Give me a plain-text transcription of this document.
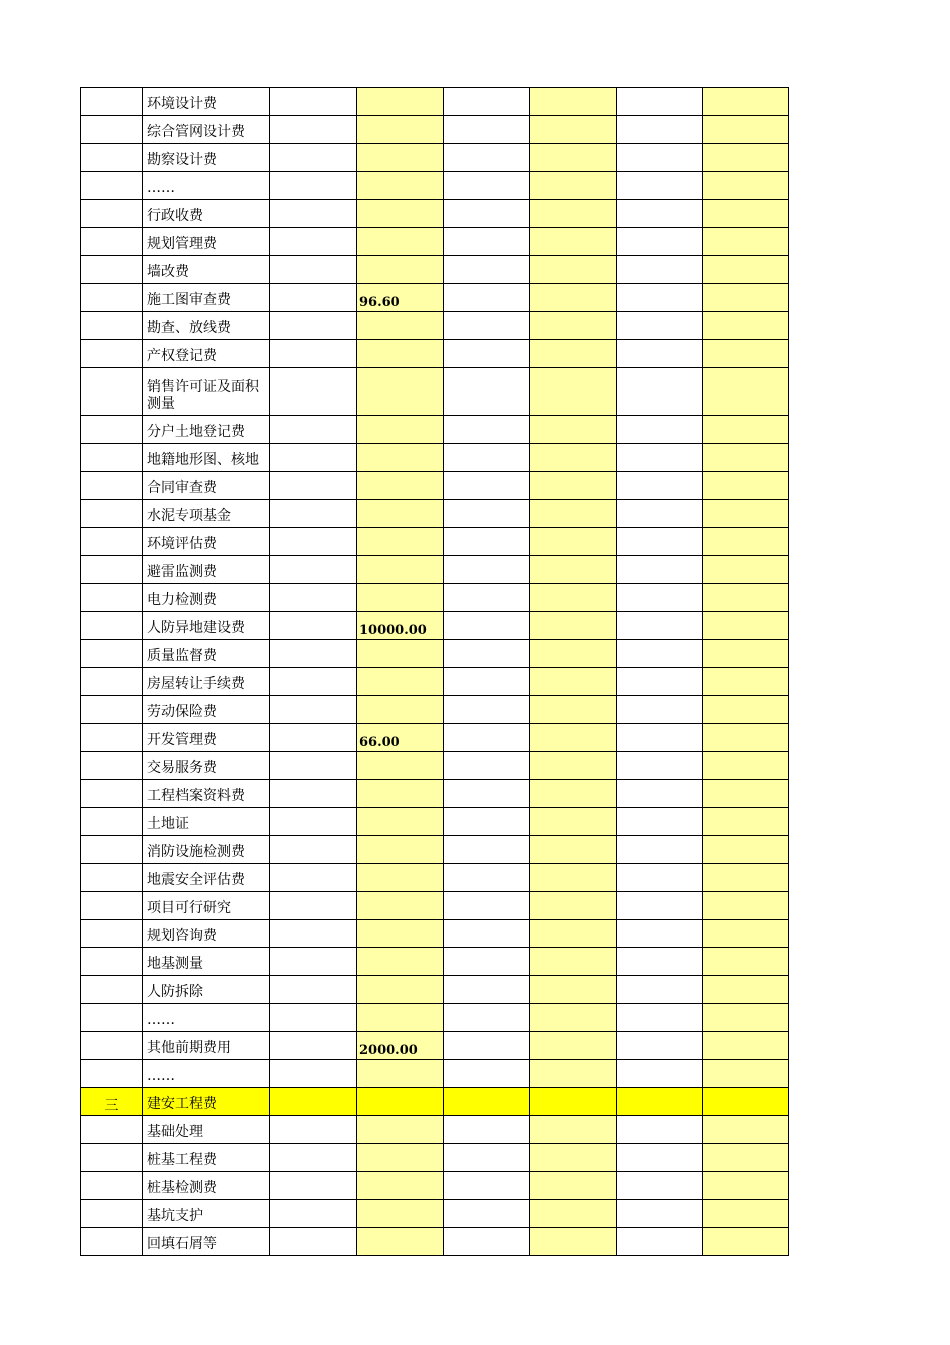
	环境设计费						
	综合管网设计费						
	勘察设计费						
	……						
	行政收费						
	规划管理费						
	墙改费						
	施工图审查费		96.60				
	勘查、放线费						
	产权登记费						
	销售许可证及面积测量						
	分户土地登记费						
	地籍地形图、核地						
	合同审查费						
	水泥专项基金						
	环境评估费						
	避雷监测费						
	电力检测费						
	人防异地建设费		10000.00				
	质量监督费						
	房屋转让手续费						
	劳动保险费						
	开发管理费		66.00				
	交易服务费						
	工程档案资料费						
	土地证						
	消防设施检测费						
	地震安全评估费						
	项目可行研究						
	规划咨询费						
	地基测量						
	人防拆除						
	……						
	其他前期费用		2000.00				
	……						
三	建安工程费						
	基础处理						
	桩基工程费						
	桩基检测费						
	基坑支护						
	回填石屑等						
